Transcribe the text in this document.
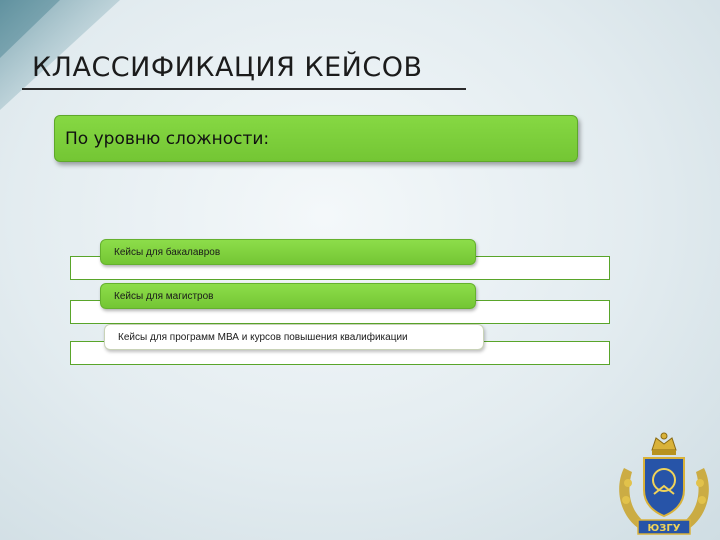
КЛАССИФИКАЦИЯ КЕЙСОВ
По уровню сложности:
Кейсы для бакалавров
Кейсы для магистров
Кейсы для программ МВА и курсов повышения квалификации
ЮЗГУ
